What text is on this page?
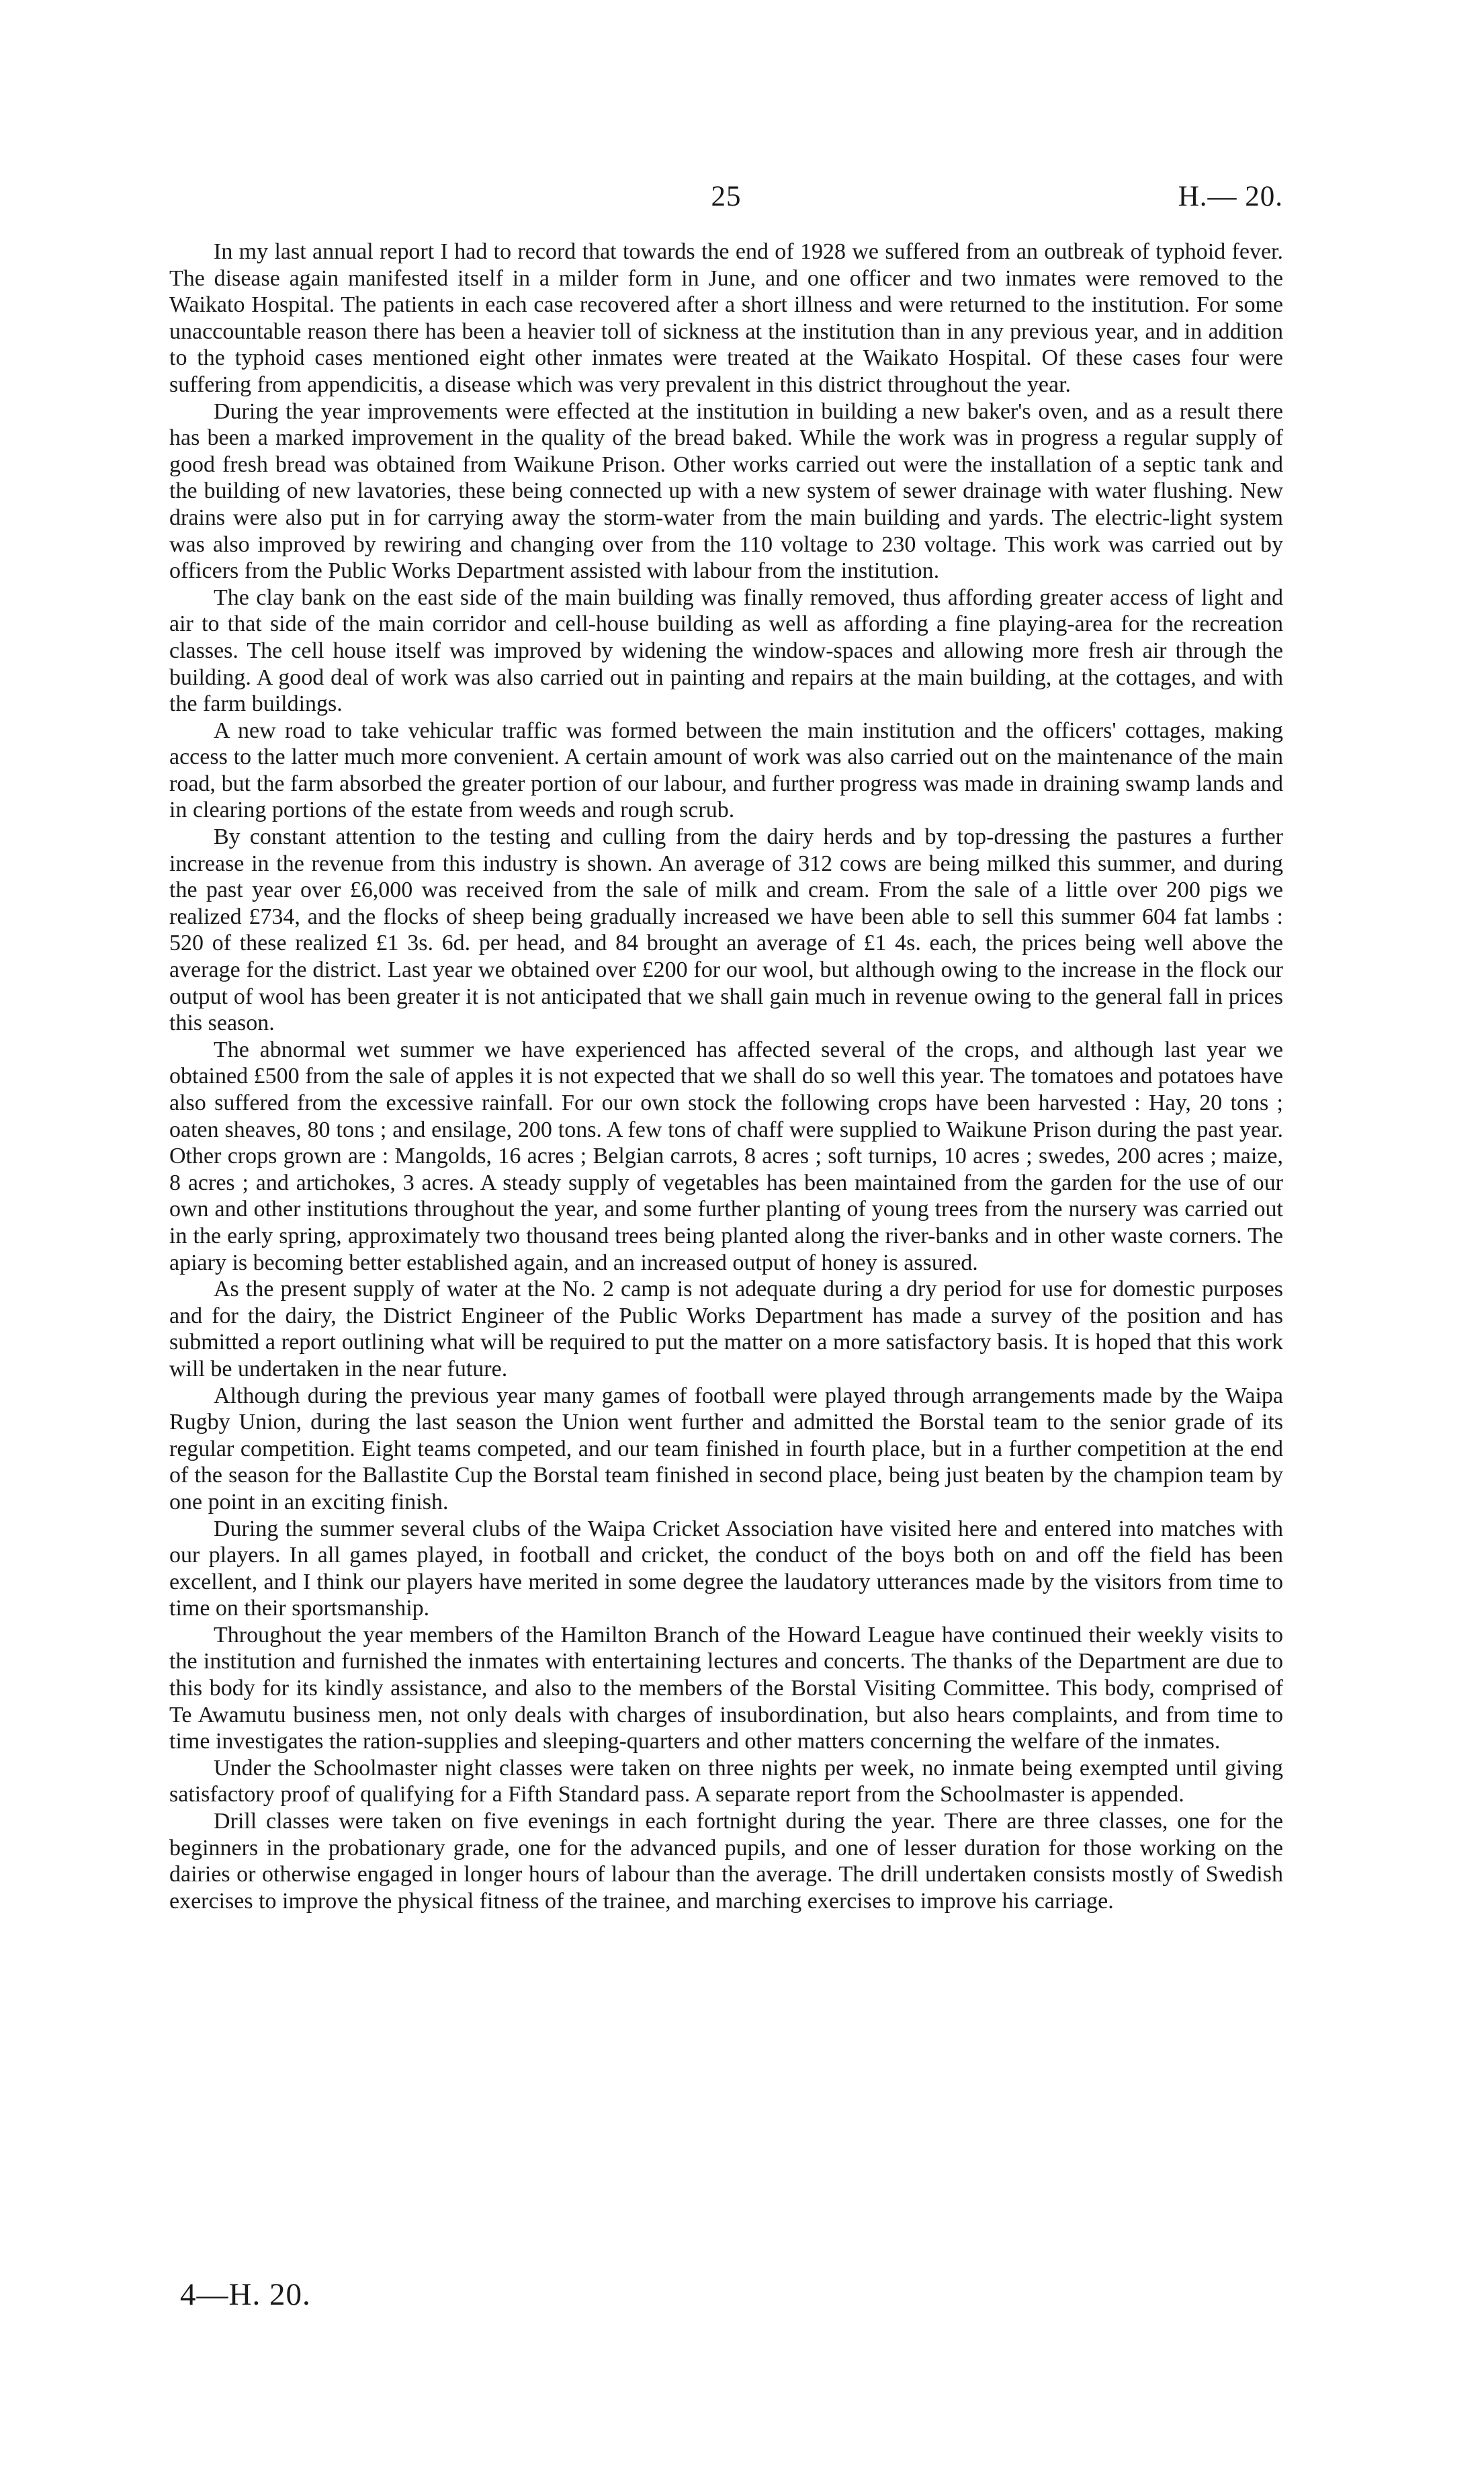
25	H.— 20.

In my last annual report I had to record that towards the end of 1928 we suffered from an outbreak of typhoid fever. The disease again manifested itself in a milder form in June, and one officer and two inmates were removed to the Waikato Hospital. The patients in each case recovered after a short illness and were returned to the institution. For some unaccountable reason there has been a heavier toll of sickness at the institution than in any previous year, and in addition to the typhoid cases mentioned eight other inmates were treated at the Waikato Hospital. Of these cases four were suffering from appendicitis, a disease which was very prevalent in this district throughout the year.

During the year improvements were effected at the institution in building a new baker's oven, and as a result there has been a marked improvement in the quality of the bread baked. While the work was in progress a regular supply of good fresh bread was obtained from Waikune Prison. Other works carried out were the installation of a septic tank and the building of new lavatories, these being connected up with a new system of sewer drainage with water flushing. New drains were also put in for carrying away the storm-water from the main building and yards. The electric-light system was also improved by rewiring and changing over from the 110 voltage to 230 voltage. This work was carried out by officers from the Public Works Department assisted with labour from the institution.

The clay bank on the east side of the main building was finally removed, thus affording greater access of light and air to that side of the main corridor and cell-house building as well as affording a fine playing-area for the recreation classes. The cell house itself was improved by widening the window-spaces and allowing more fresh air through the building. A good deal of work was also carried out in painting and repairs at the main building, at the cottages, and with the farm buildings.

A new road to take vehicular traffic was formed between the main institution and the officers' cottages, making access to the latter much more convenient. A certain amount of work was also carried out on the maintenance of the main road, but the farm absorbed the greater portion of our labour, and further progress was made in draining swamp lands and in clearing portions of the estate from weeds and rough scrub.

By constant attention to the testing and culling from the dairy herds and by top-dressing the pastures a further increase in the revenue from this industry is shown. An average of 312 cows are being milked this summer, and during the past year over £6,000 was received from the sale of milk and cream. From the sale of a little over 200 pigs we realized £734, and the flocks of sheep being gradually increased we have been able to sell this summer 604 fat lambs : 520 of these realized £1 3s. 6d. per head, and 84 brought an average of £1 4s. each, the prices being well above the average for the district. Last year we obtained over £200 for our wool, but although owing to the increase in the flock our output of wool has been greater it is not anticipated that we shall gain much in revenue owing to the general fall in prices this season.

The abnormal wet summer we have experienced has affected several of the crops, and although last year we obtained £500 from the sale of apples it is not expected that we shall do so well this year. The tomatoes and potatoes have also suffered from the excessive rainfall. For our own stock the following crops have been harvested : Hay, 20 tons ; oaten sheaves, 80 tons ; and ensilage, 200 tons. A few tons of chaff were supplied to Waikune Prison during the past year. Other crops grown are : Mangolds, 16 acres ; Belgian carrots, 8 acres ; soft turnips, 10 acres ; swedes, 200 acres ; maize, 8 acres ; and artichokes, 3 acres. A steady supply of vegetables has been maintained from the garden for the use of our own and other institutions throughout the year, and some further planting of young trees from the nursery was carried out in the early spring, approximately two thousand trees being planted along the river-banks and in other waste corners. The apiary is becoming better established again, and an increased output of honey is assured.

As the present supply of water at the No. 2 camp is not adequate during a dry period for use for domestic purposes and for the dairy, the District Engineer of the Public Works Department has made a survey of the position and has submitted a report outlining what will be required to put the matter on a more satisfactory basis. It is hoped that this work will be undertaken in the near future.

Although during the previous year many games of football were played through arrangements made by the Waipa Rugby Union, during the last season the Union went further and admitted the Borstal team to the senior grade of its regular competition. Eight teams competed, and our team finished in fourth place, but in a further competition at the end of the season for the Ballastite Cup the Borstal team finished in second place, being just beaten by the champion team by one point in an exciting finish.

During the summer several clubs of the Waipa Cricket Association have visited here and entered into matches with our players. In all games played, in football and cricket, the conduct of the boys both on and off the field has been excellent, and I think our players have merited in some degree the laudatory utterances made by the visitors from time to time on their sportsmanship.

Throughout the year members of the Hamilton Branch of the Howard League have continued their weekly visits to the institution and furnished the inmates with entertaining lectures and concerts. The thanks of the Department are due to this body for its kindly assistance, and also to the members of the Borstal Visiting Committee. This body, comprised of Te Awamutu business men, not only deals with charges of insubordination, but also hears complaints, and from time to time investigates the ration-supplies and sleeping-quarters and other matters concerning the welfare of the inmates.

Under the Schoolmaster night classes were taken on three nights per week, no inmate being exempted until giving satisfactory proof of qualifying for a Fifth Standard pass. A separate report from the Schoolmaster is appended.

Drill classes were taken on five evenings in each fortnight during the year. There are three classes, one for the beginners in the probationary grade, one for the advanced pupils, and one of lesser duration for those working on the dairies or otherwise engaged in longer hours of labour than the average. The drill undertaken consists mostly of Swedish exercises to improve the physical fitness of the trainee, and marching exercises to improve his carriage.

4—H. 20.
